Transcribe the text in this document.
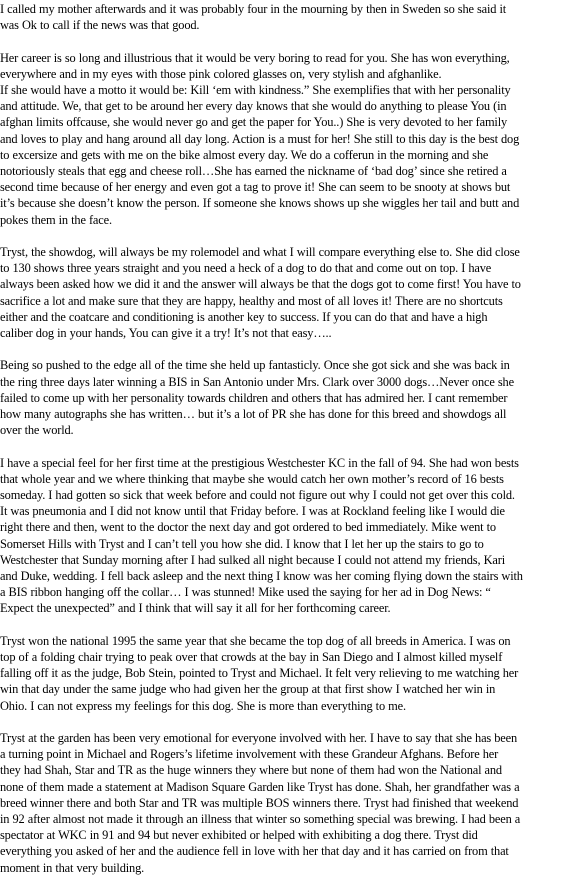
I called my mother afterwards and it was probably four in the mourning by then in Sweden so she said it
was Ok to call if the news was that good.

Her career is so long and illustrious that it would be very boring to read for you. She has won everything,
everywhere and in my eyes with those pink colored glasses on, very stylish and afghanlike.

If she would have a motto it would be: Kill ‘em with kindness.” She exemplifies that with her personality
and attitude. We, that get to be around her every day knows that she would do anything to please You (in
afghan limits offcause, she would never go and get the paper for You..) She is very devoted to her family
and loves to play and hang around all day long. Action is a must for her! She still to this day is the best dog
to excersize and gets with me on the bike almost every day. We do a cofferun in the morning and she
notoriously steals that egg and cheese roll…She has earned the nickname of ‘bad dog’ since she retired a
second time because of her energy and even got a tag to prove it! She can seem to be snooty at shows but
it’s because she doesn’t know the person. If someone she knows shows up she wiggles her tail and butt and
pokes them in the face.

Tryst, the showdog, will always be my rolemodel and what I will compare everything else to. She did close
to 130 shows three years straight and you need a heck of a dog to do that and come out on top. I have
always been asked how we did it and the answer will always be that the dogs got to come first! You have to
sacrifice a lot and make sure that they are happy, healthy and most of all loves it! There are no shortcuts
either and the coatcare and conditioning is another key to success. If you can do that and have a high
caliber dog in your hands, You can give it a try! It’s not that easy…..

Being so pushed to the edge all of the time she held up fantasticly. Once she got sick and she was back in
the ring three days later winning a BIS in San Antonio under Mrs. Clark over 3000 dogs…Never once she
failed to come up with her personality towards children and others that has admired her. I cant remember
how many autographs she has written… but it’s a lot of PR she has done for this breed and showdogs all
over the world.

I have a special feel for her first time at the prestigious Westchester KC in the fall of 94. She had won bests
that whole year and we where thinking that maybe she would catch her own mother’s record of 16 bests
someday. I had gotten so sick that week before and could not figure out why I could not get over this cold.
It was pneumonia and I did not know until that Friday before. I was at Rockland feeling like I would die
right there and then, went to the doctor the next day and got ordered to bed immediately. Mike went to
Somerset Hills with Tryst and I can’t tell you how she did. I know that I let her up the stairs to go to
Westchester that Sunday morning after I had sulked all night because I could not attend my friends, Kari
and Duke, wedding. I fell back asleep and the next thing I know was her coming flying down the stairs with
a BIS ribbon hanging off the collar… I was stunned! Mike used the saying for her ad in Dog News: “
Expect the unexpected” and I think that will say it all for her forthcoming career.

Tryst won the national 1995 the same year that she became the top dog of all breeds in America. I was on
top of a folding chair trying to peak over that crowds at the bay in San Diego and I almost killed myself
falling off it as the judge, Bob Stein, pointed to Tryst and Michael. It felt very relieving to me watching her
win that day under the same judge who had given her the group at that first show I watched her win in
Ohio. I can not express my feelings for this dog. She is more than everything to me.

Tryst at the garden has been very emotional for everyone involved with her. I have to say that she has been
a turning point in Michael and Rogers’s lifetime involvement with these Grandeur Afghans. Before her
they had Shah, Star and TR as the huge winners they where but none of them had won the National and
none of them made a statement at Madison Square Garden like Tryst has done. Shah, her grandfather was a
breed winner there and both Star and TR was multiple BOS winners there. Tryst had finished that weekend
in 92 after almost not made it through an illness that winter so something special was brewing. I had been a
spectator at WKC in 91 and 94 but never exhibited or helped with exhibiting a dog there. Tryst did
everything you asked of her and the audience fell in love with her that day and it has carried on from that
moment in that very building.
